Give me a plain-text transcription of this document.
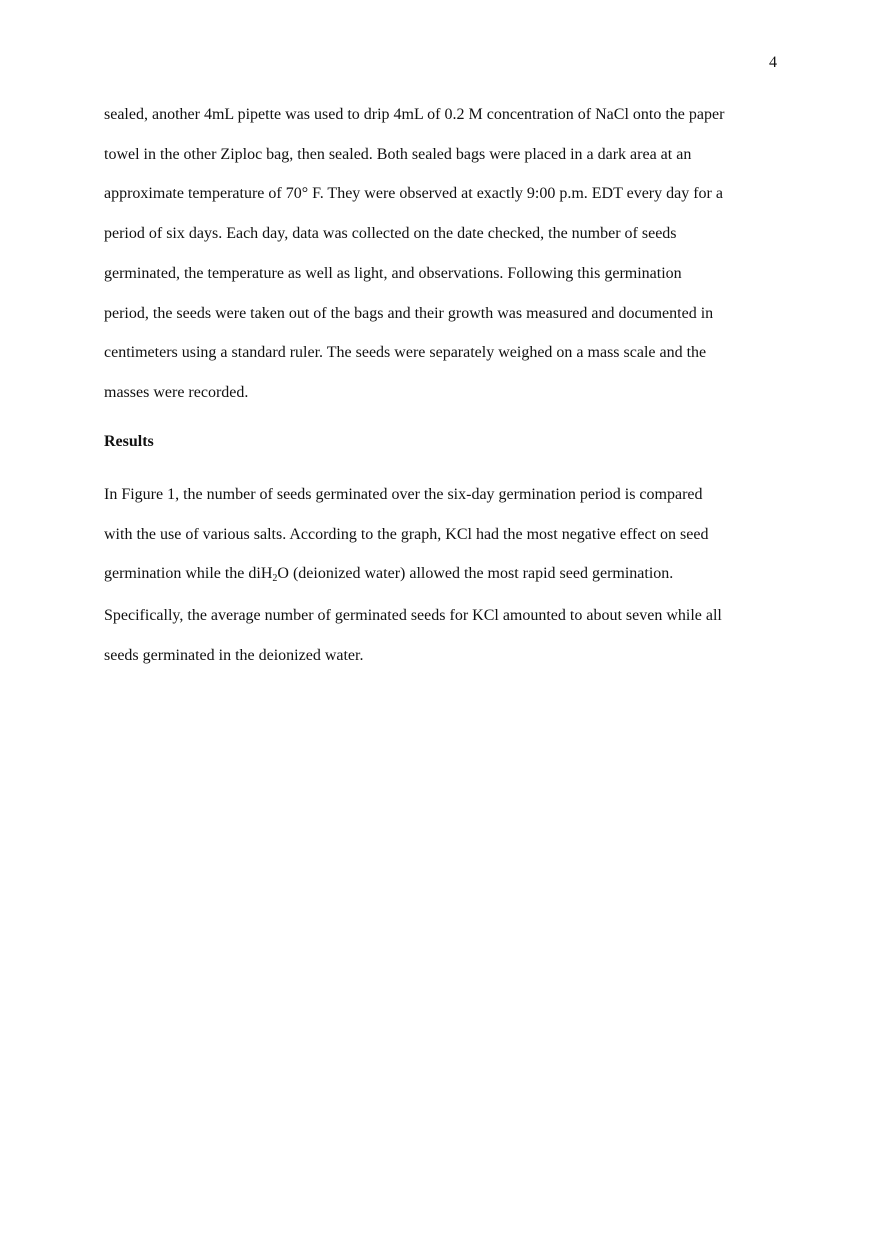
4

sealed, another 4mL pipette was used to drip 4mL of 0.2 M concentration of NaCl onto the paper
towel in the other Ziploc bag, then sealed. Both sealed bags were placed in a dark area at an
approximate temperature of 70° F. They were observed at exactly 9:00 p.m. EDT every day for a
period of six days. Each day, data was collected on the date checked, the number of seeds
germinated, the temperature as well as light, and observations. Following this germination
period, the seeds were taken out of the bags and their growth was measured and documented in
centimeters using a standard ruler. The seeds were separately weighed on a mass scale and the
masses were recorded.

Results

In Figure 1, the number of seeds germinated over the six-day germination period is compared
with the use of various salts. According to the graph, KCl had the most negative effect on seed
germination while the diH$_2$O (deionized water) allowed the most rapid seed germination.
Specifically, the average number of germinated seeds for KCl amounted to about seven while all
seeds germinated in the deionized water.
